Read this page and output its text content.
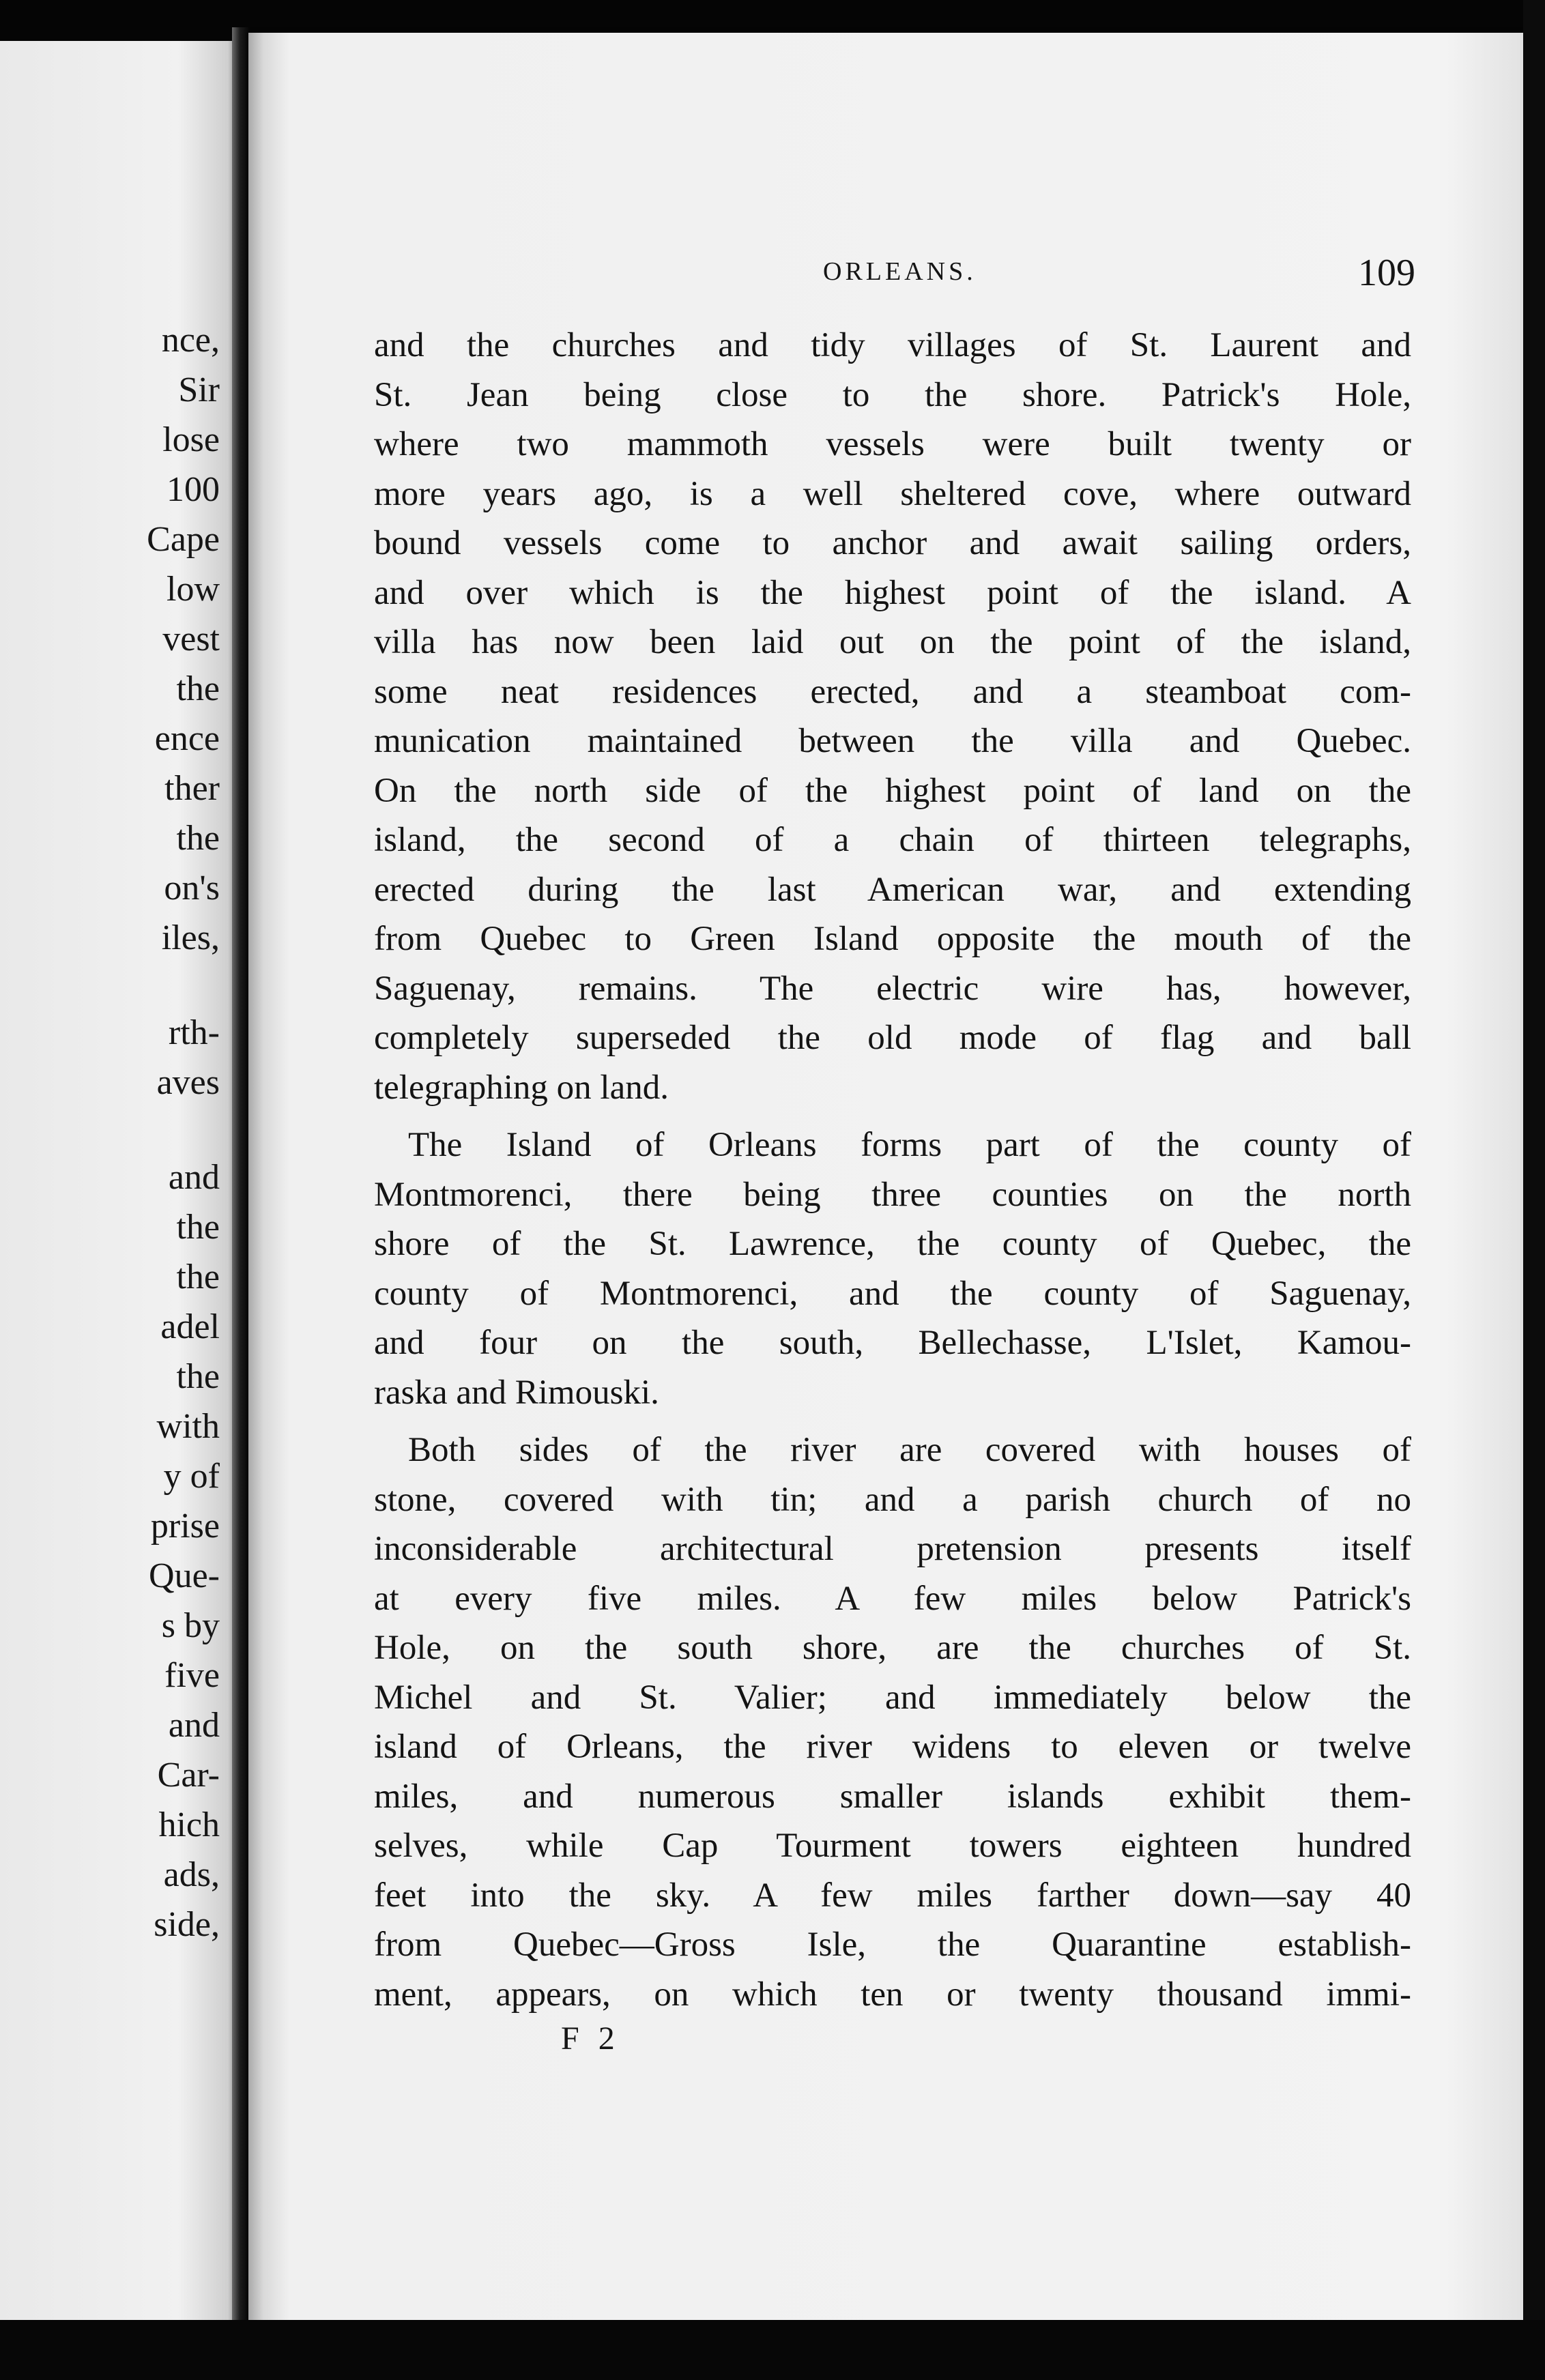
nce,
Sir
lose
100
Cape
low
vest
the
ence
ther
the
on's
iles,
rth-
aves
and
the
the
adel
the
with
y of
prise
Que-
s by
five
and
Car-
hich
ads,
side,
ORLEANS.	109
and the churches and tidy villages of St. Laurent and
St. Jean being close to the shore. Patrick's Hole,
where two mammoth vessels were built twenty or
more years ago, is a well sheltered cove, where outward
bound vessels come to anchor and await sailing orders,
and over which is the highest point of the island. A
villa has now been laid out on the point of the island,
some neat residences erected, and a steamboat com-
munication maintained between the villa and Quebec.
On the north side of the highest point of land on the
island, the second of a chain of thirteen telegraphs,
erected during the last American war, and extending
from Quebec to Green Island opposite the mouth of the
Saguenay, remains. The electric wire has, however,
completely superseded the old mode of flag and ball
telegraphing on land.
The Island of Orleans forms part of the county of
Montmorenci, there being three counties on the north
shore of the St. Lawrence, the county of Quebec, the
county of Montmorenci, and the county of Saguenay,
and four on the south, Bellechasse, L'Islet, Kamou-
raska and Rimouski.
Both sides of the river are covered with houses of
stone, covered with tin; and a parish church of no
inconsiderable architectural pretension presents itself
at every five miles. A few miles below Patrick's
Hole, on the south shore, are the churches of St.
Michel and St. Valier; and immediately below the
island of Orleans, the river widens to eleven or twelve
miles, and numerous smaller islands exhibit them-
selves, while Cap Tourment towers eighteen hundred
feet into the sky. A few miles farther down—say 40
from Quebec—Gross Isle, the Quarantine establish-
ment, appears, on which ten or twenty thousand immi-
F 2
